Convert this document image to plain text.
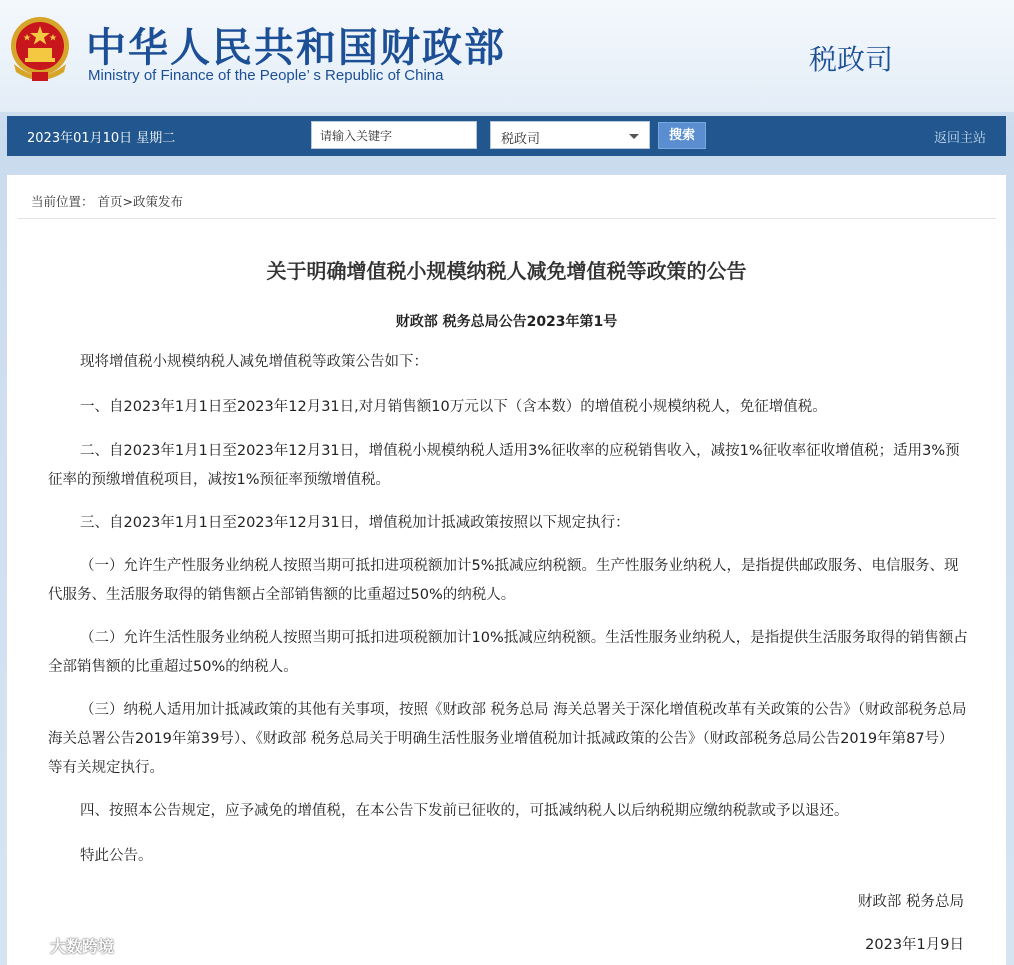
中华人民共和国财政部
Ministry of Finance of the People’ s Republic of China	税政司
2023年01月10日 星期二
请输入关键字	税政司	搜索	返回主站
当前位置： 首页>政策发布
关于明确增值税小规模纳税人减免增值税等政策的公告
财政部 税务总局公告2023年第1号

现将增值税小规模纳税人减免增值税等政策公告如下：

一、自2023年1月1日至2023年12月31日,对月销售额10万元以下（含本数）的增值税小规模纳税人，免征增值税。

二、自2023年1月1日至2023年12月31日，增值税小规模纳税人适用3%征收率的应税销售收入，减按1%征收率征收增值税；适用3%预征率的预缴增值税项目，减按1%预征率预缴增值税。

三、自2023年1月1日至2023年12月31日，增值税加计抵减政策按照以下规定执行：

（一）允许生产性服务业纳税人按照当期可抵扣进项税额加计5%抵减应纳税额。生产性服务业纳税人，是指提供邮政服务、电信服务、现代服务、生活服务取得的销售额占全部销售额的比重超过50%的纳税人。

（二）允许生活性服务业纳税人按照当期可抵扣进项税额加计10%抵减应纳税额。生活性服务业纳税人，是指提供生活服务取得的销售额占全部销售额的比重超过50%的纳税人。

（三）纳税人适用加计抵减政策的其他有关事项，按照《财政部 税务总局 海关总署关于深化增值税改革有关政策的公告》（财政部税务总局 海关总署公告2019年第39号）、《财政部 税务总局关于明确生活性服务业增值税加计抵减政策的公告》（财政部税务总局公告2019年第87号）等有关规定执行。

四、按照本公告规定，应予减免的增值税，在本公告下发前已征收的，可抵减纳税人以后纳税期应缴纳税款或予以退还。

特此公告。

财政部 税务总局
2023年1月9日
大数跨境
